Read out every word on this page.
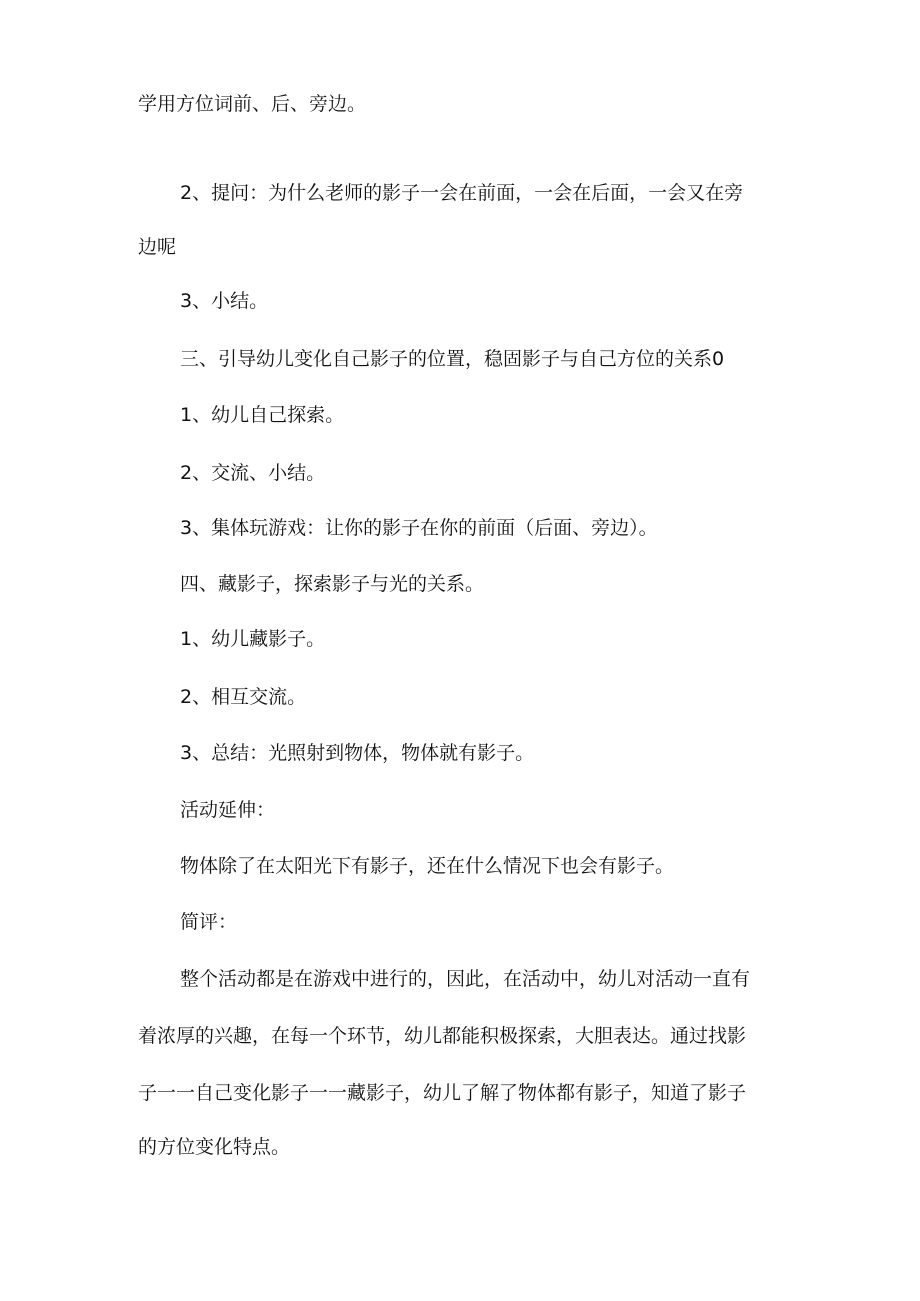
学用方位词前、后、旁边。

2、提问：为什么老师的影子一会在前面，一会在后面，一会又在旁

边呢

3、小结。

三、引导幼儿变化自己影子的位置，稳固影子与自己方位的关系0

1、幼儿自己探索。

2、交流、小结。

3、集体玩游戏：让你的影子在你的前面（后面、旁边）。

四、藏影子，探索影子与光的关系。

1、幼儿藏影子。

2、相互交流。

3、总结：光照射到物体，物体就有影子。

活动延伸：

物体除了在太阳光下有影子，还在什么情况下也会有影子。

简评：

整个活动都是在游戏中进行的，因此，在活动中，幼儿对活动一直有

着浓厚的兴趣，在每一个环节，幼儿都能积极探索，大胆表达。通过找影

子一一自己变化影子一一藏影子，幼儿了解了物体都有影子，知道了影子

的方位变化特点。
